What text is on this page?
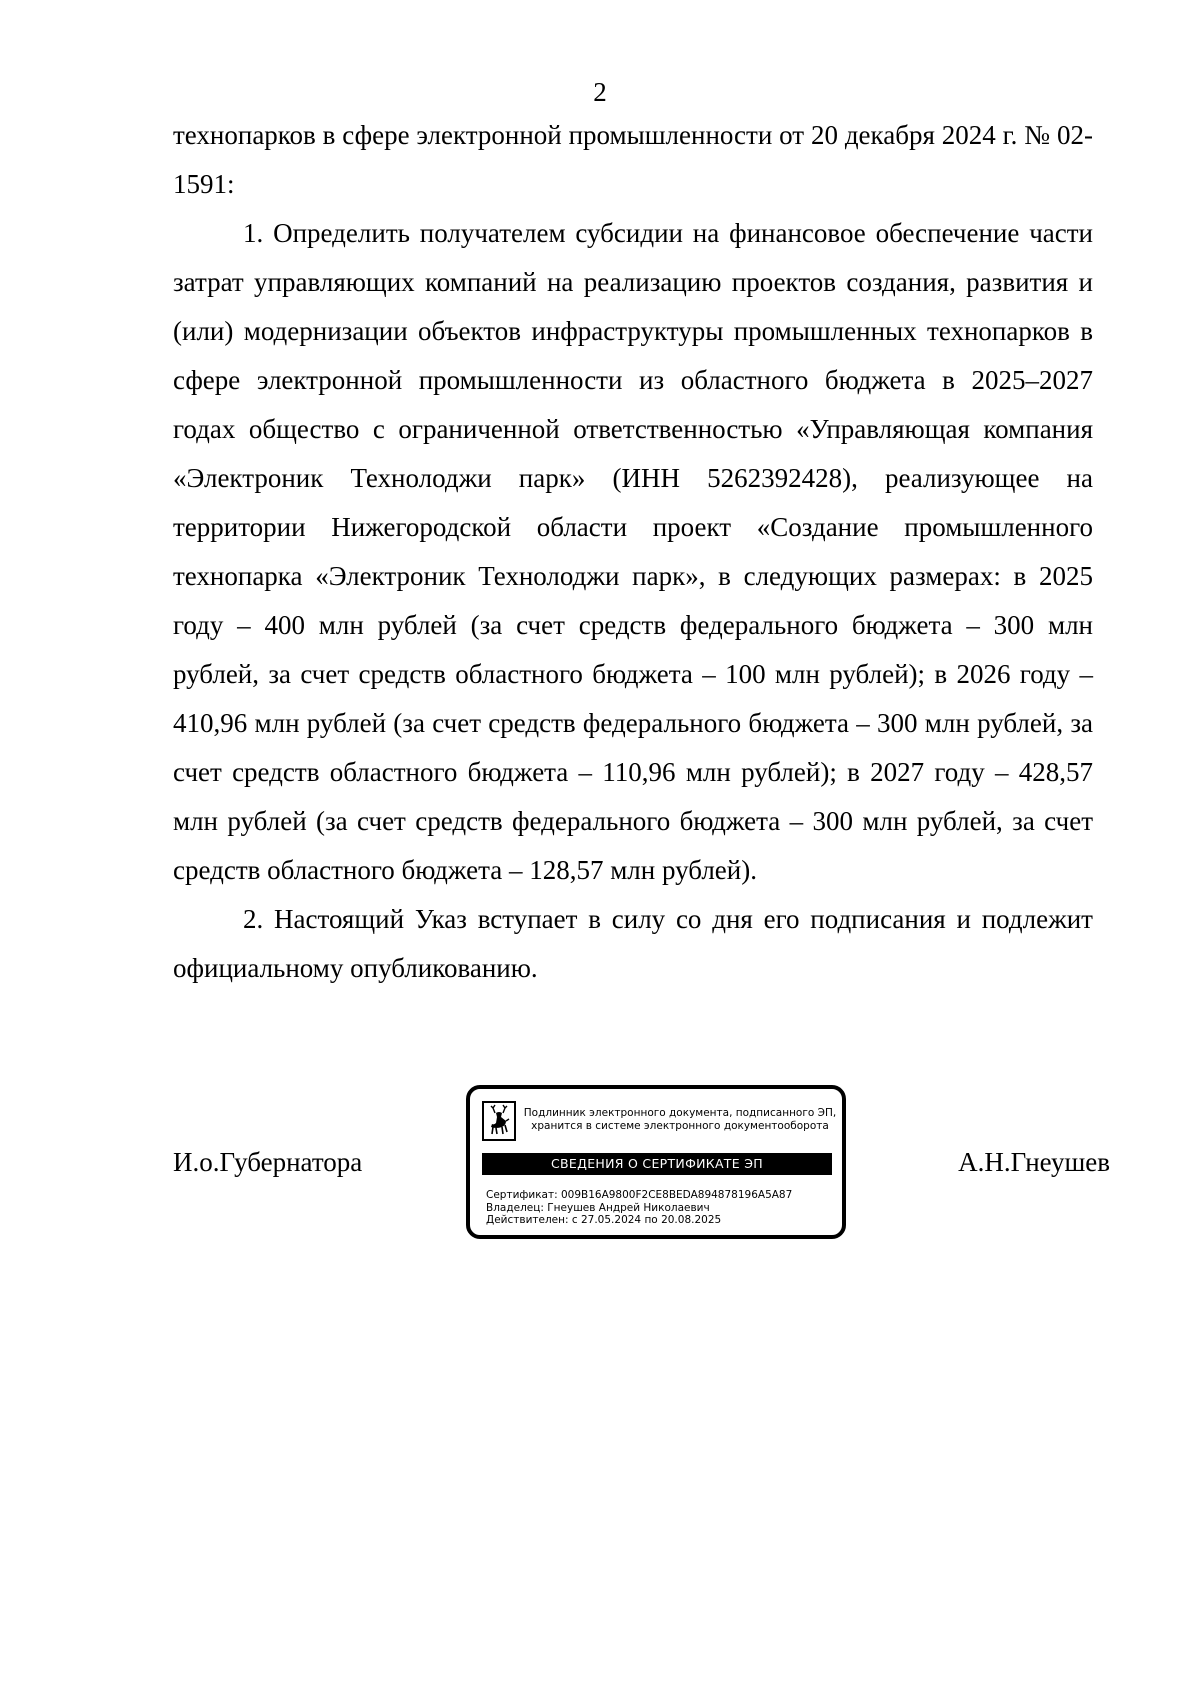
2

технопарков в сфере электронной промышленности от 20 декабря 2024 г. № 02-1591:

1. Определить получателем субсидии на финансовое обеспечение части затрат управляющих компаний на реализацию проектов создания, развития и (или) модернизации объектов инфраструктуры промышленных технопарков в сфере электронной промышленности из областного бюджета в 2025–2027 годах общество с ограниченной ответственностью «Управляющая компания «Электроник Технолоджи парк» (ИНН 5262392428), реализующее на территории Нижегородской области проект «Создание промышленного технопарка «Электроник Технолоджи парк», в следующих размерах: в 2025 году – 400 млн рублей (за счет средств федерального бюджета – 300 млн рублей, за счет средств областного бюджета – 100 млн рублей); в 2026 году – 410,96 млн рублей (за счет средств федерального бюджета – 300 млн рублей, за счет средств областного бюджета – 110,96 млн рублей); в 2027 году – 428,57 млн рублей (за счет средств федерального бюджета – 300 млн рублей, за счет средств областного бюджета – 128,57 млн рублей).

2. Настоящий Указ вступает в силу со дня его подписания и подлежит официальному опубликованию.

И.о.Губернатора
Подлинник электронного документа, подписанного ЭП,
хранится в системе электронного документооборота
СВЕДЕНИЯ О СЕРТИФИКАТЕ ЭП
Сертификат: 009B16A9800F2CE8BEDA894878196A5A87
Владелец: Гнеушев Андрей Николаевич
Действителен: с 27.05.2024 по 20.08.2025
А.Н.Гнеушев
